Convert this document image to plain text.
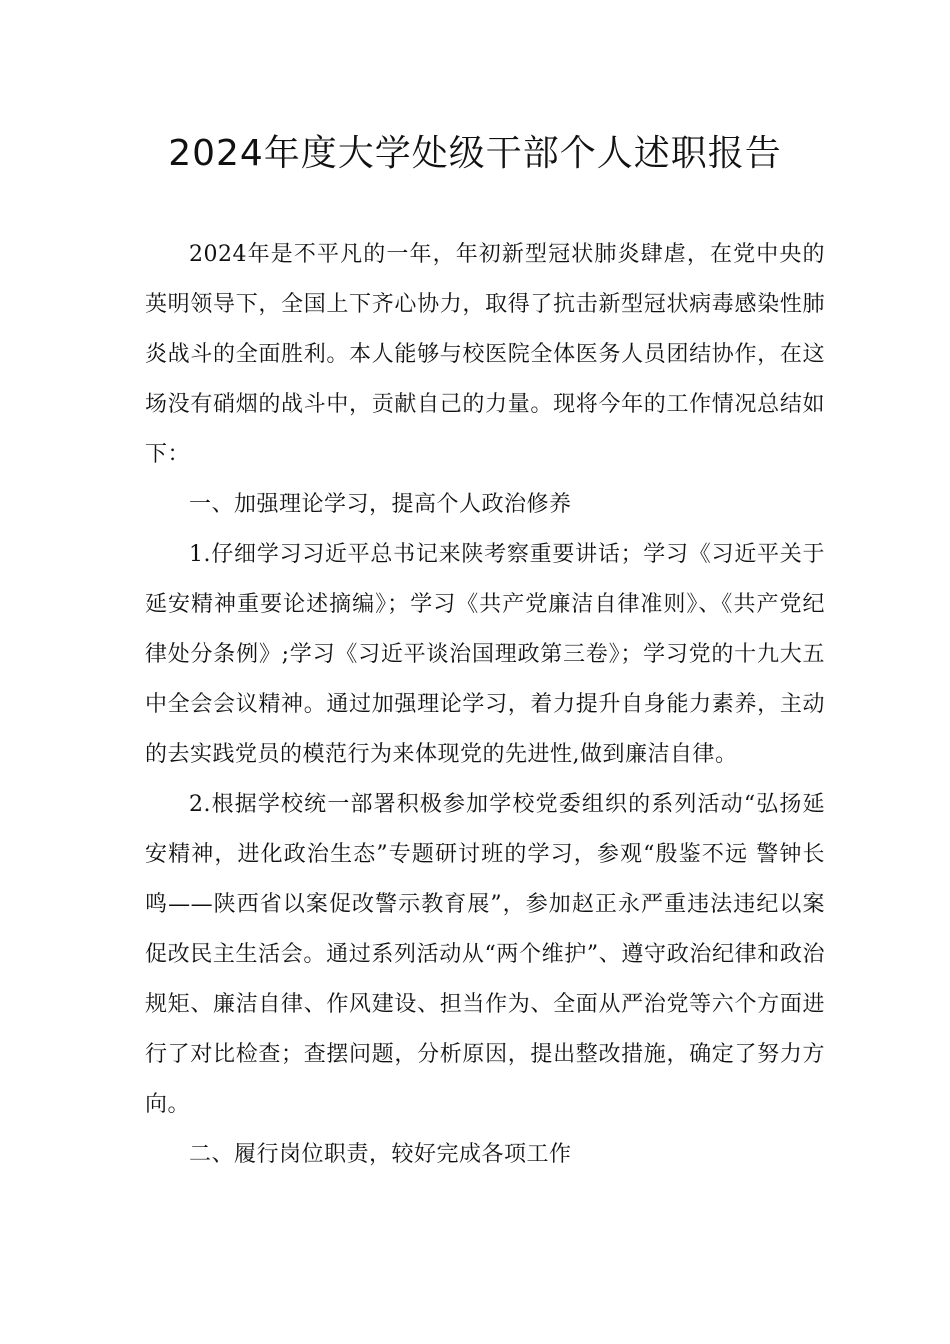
2024年度大学处级干部个人述职报告

2024年是不平凡的一年，年初新型冠状肺炎肆虐，在党中央的英明领导下，全国上下齐心协力，取得了抗击新型冠状病毒感染性肺炎战斗的全面胜利。本人能够与校医院全体医务人员团结协作，在这场没有硝烟的战斗中，贡献自己的力量。现将今年的工作情况总结如下：

一、加强理论学习，提高个人政治修养

1.仔细学习习近平总书记来陕考察重要讲话；学习《习近平关于延安精神重要论述摘编》；学习《共产党廉洁自律准则》、《共产党纪律处分条例》;学习《习近平谈治国理政第三卷》；学习党的十九大五中全会会议精神。通过加强理论学习，着力提升自身能力素养，主动的去实践党员的模范行为来体现党的先进性,做到廉洁自律。

2.根据学校统一部署积极参加学校党委组织的系列活动“弘扬延安精神，进化政治生态”专题研讨班的学习，参观“殷鉴不远 警钟长鸣——陕西省以案促改警示教育展”，参加赵正永严重违法违纪以案促改民主生活会。通过系列活动从“两个维护”、遵守政治纪律和政治规矩、廉洁自律、作风建设、担当作为、全面从严治党等六个方面进行了对比检查；查摆问题，分析原因，提出整改措施，确定了努力方向。

二、履行岗位职责，较好完成各项工作
